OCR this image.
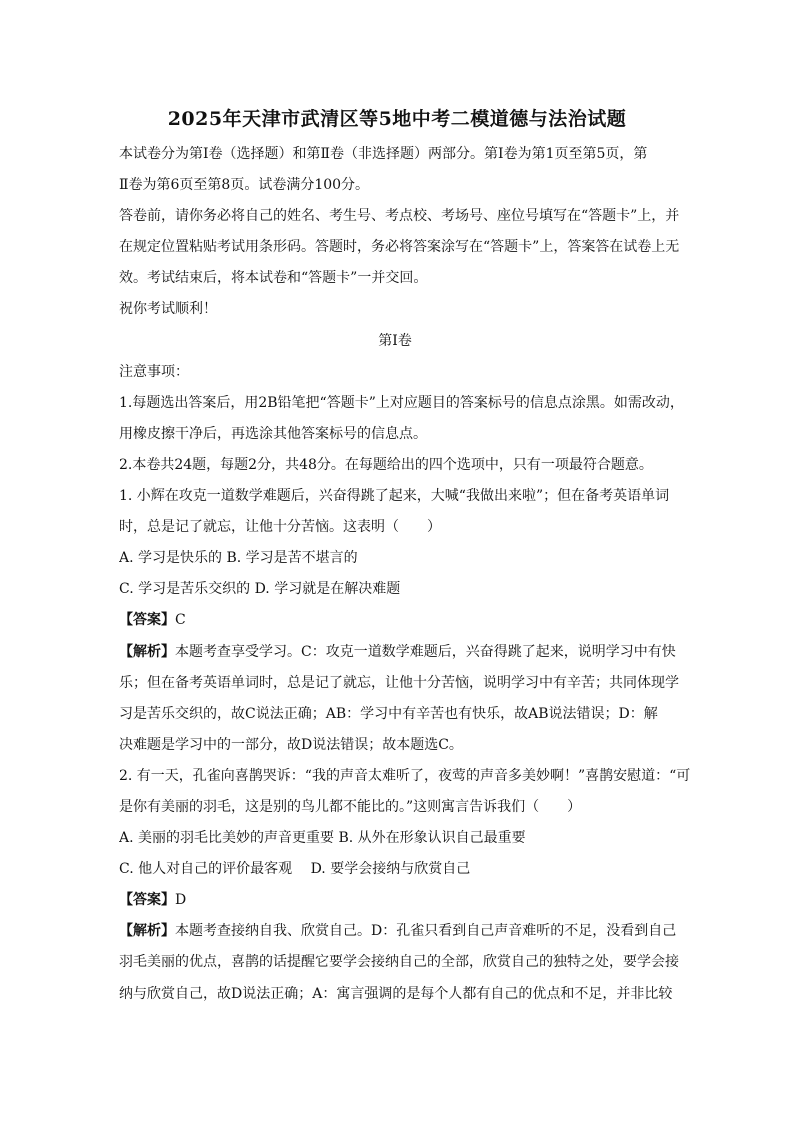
2025年天津市武清区等5地中考二模道德与法治试题
本试卷分为第Ⅰ卷（选择题）和第Ⅱ卷（非选择题）两部分。第Ⅰ卷为第1页至第5页，第
Ⅱ卷为第6页至第8页。试卷满分100分。
答卷前，请你务必将自己的姓名、考生号、考点校、考场号、座位号填写在“答题卡”上，并
在规定位置粘贴考试用条形码。答题时，务必将答案涂写在“答题卡”上，答案答在试卷上无
效。考试结束后，将本试卷和“答题卡”一并交回。
祝你考试顺利！
第Ⅰ卷
注意事项：
1.每题选出答案后，用2B铅笔把“答题卡”上对应题目的答案标号的信息点涂黑。如需改动，
用橡皮擦干净后，再选涂其他答案标号的信息点。
2.本卷共24题，每题2分，共48分。在每题给出的四个选项中，只有一项最符合题意。
1. 小辉在攻克一道数学难题后，兴奋得跳了起来，大喊“我做出来啦”；但在备考英语单词
时，总是记了就忘，让他十分苦恼。这表明（　　）
A. 学习是快乐的 B. 学习是苦不堪言的
C. 学习是苦乐交织的 D. 学习就是在解决难题
【答案】C
【解析】本题考查享受学习。C：攻克一道数学难题后，兴奋得跳了起来，说明学习中有快
乐；但在备考英语单词时，总是记了就忘，让他十分苦恼，说明学习中有辛苦；共同体现学
习是苦乐交织的，故C说法正确；AB：学习中有辛苦也有快乐，故AB说法错误；D：解
决难题是学习中的一部分，故D说法错误；故本题选C。
2. 有一天，孔雀向喜鹊哭诉：“我的声音太难听了，夜莺的声音多美妙啊！”喜鹊安慰道：“可
是你有美丽的羽毛，这是别的鸟儿都不能比的。”这则寓言告诉我们（　　）
A. 美丽的羽毛比美妙的声音更重要 B. 从外在形象认识自己最重要
C. 他人对自己的评价最客观　 D. 要学会接纳与欣赏自己
【答案】D
【解析】本题考查接纳自我、欣赏自己。D：孔雀只看到自己声音难听的不足，没看到自己
羽毛美丽的优点，喜鹊的话提醒它要学会接纳自己的全部，欣赏自己的独特之处，要学会接
纳与欣赏自己，故D说法正确；A：寓言强调的是每个人都有自己的优点和不足，并非比较
